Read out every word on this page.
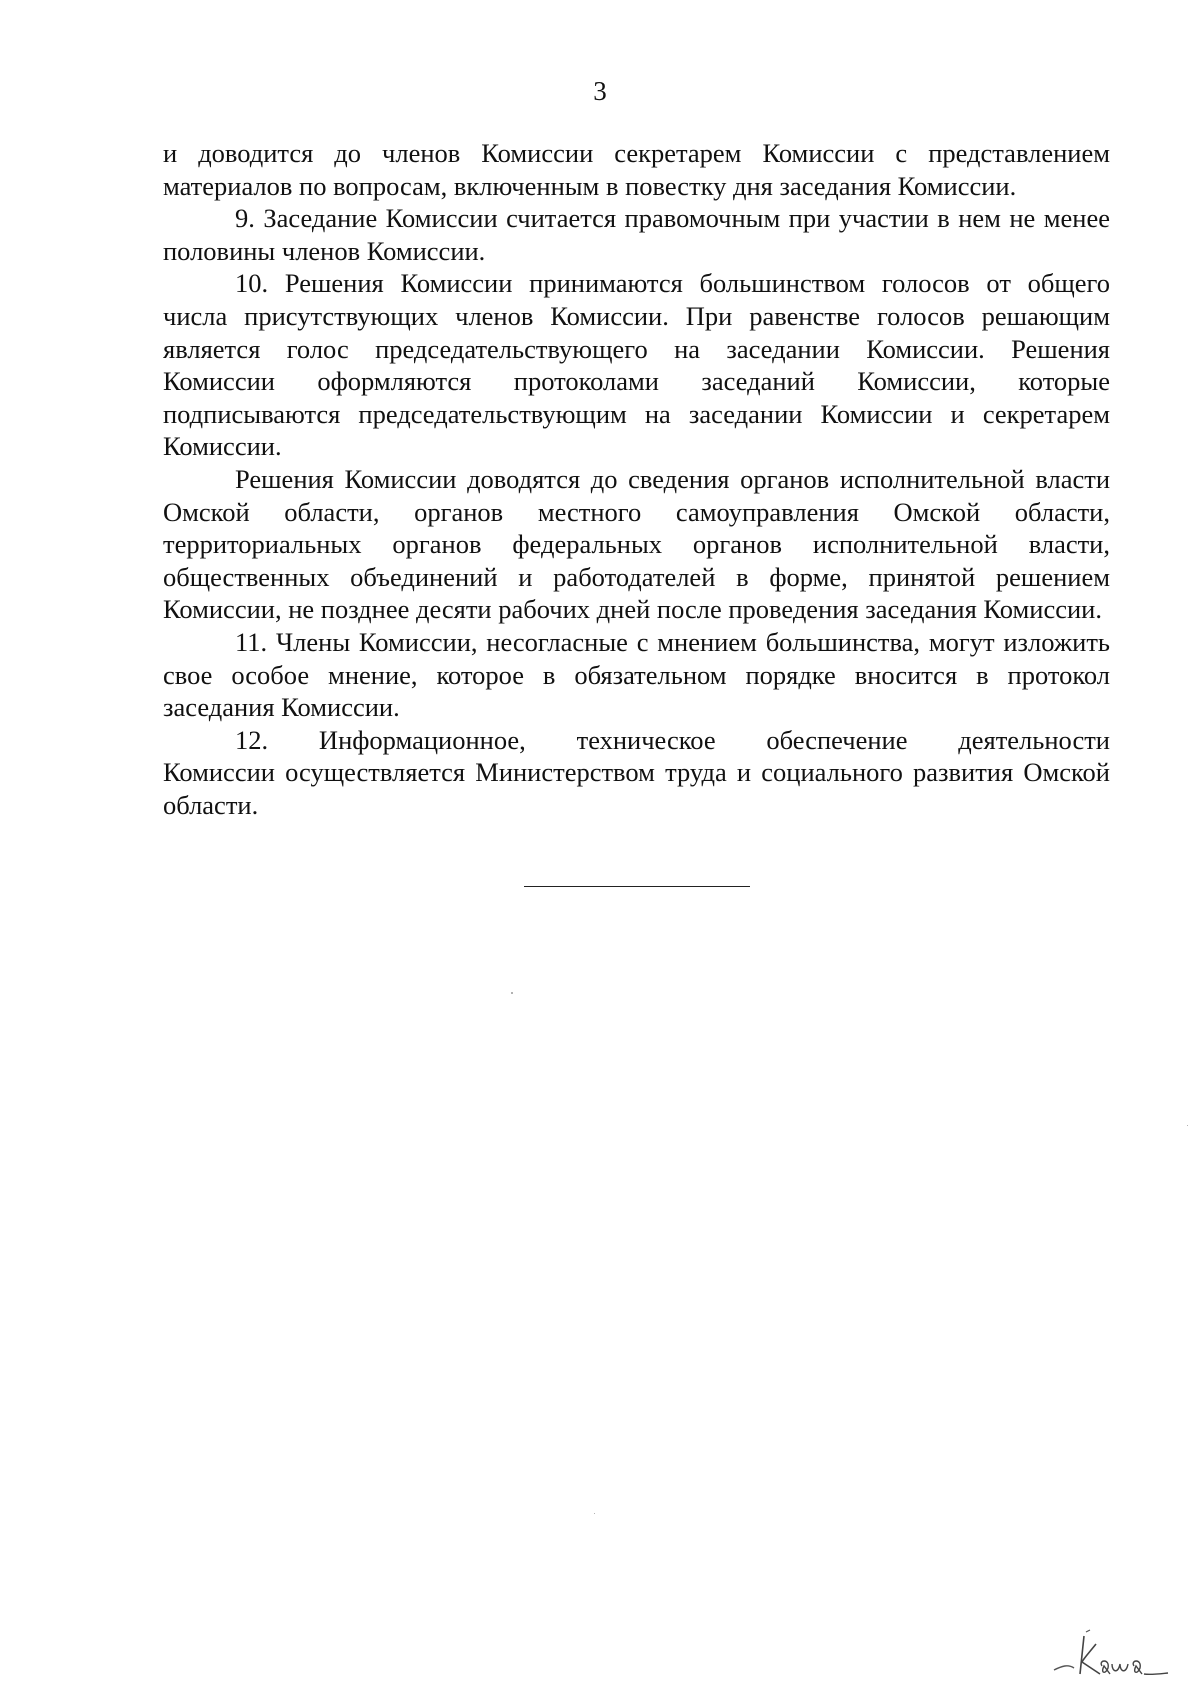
3

и доводится до членов Комиссии секретарем Комиссии с представлением материалов по вопросам, включенным в повестку дня заседания Комиссии.

9. Заседание Комиссии считается правомочным при участии в нем не менее половины членов Комиссии.

10. Решения Комиссии принимаются большинством голосов от общего числа присутствующих членов Комиссии. При равенстве голосов решающим является голос председательствующего на заседании Комиссии. Решения Комиссии оформляются протоколами заседаний Комиссии, которые подписываются председательствующим на заседании Комиссии и секретарем Комиссии.

Решения Комиссии доводятся до сведения органов исполнительной власти Омской области, органов местного самоуправления Омской области, территориальных органов федеральных органов исполнительной власти, общественных объединений и работодателей в форме, принятой решением Комиссии, не позднее десяти рабочих дней после проведения заседания Комиссии.

11. Члены Комиссии, несогласные с мнением большинства, могут изложить свое особое мнение, которое в обязательном порядке вносится в протокол заседания Комиссии.

12. Информационное, техническое обеспечение деятельности

Комиссии осуществляется Министерством труда и социального развития Омской области.
